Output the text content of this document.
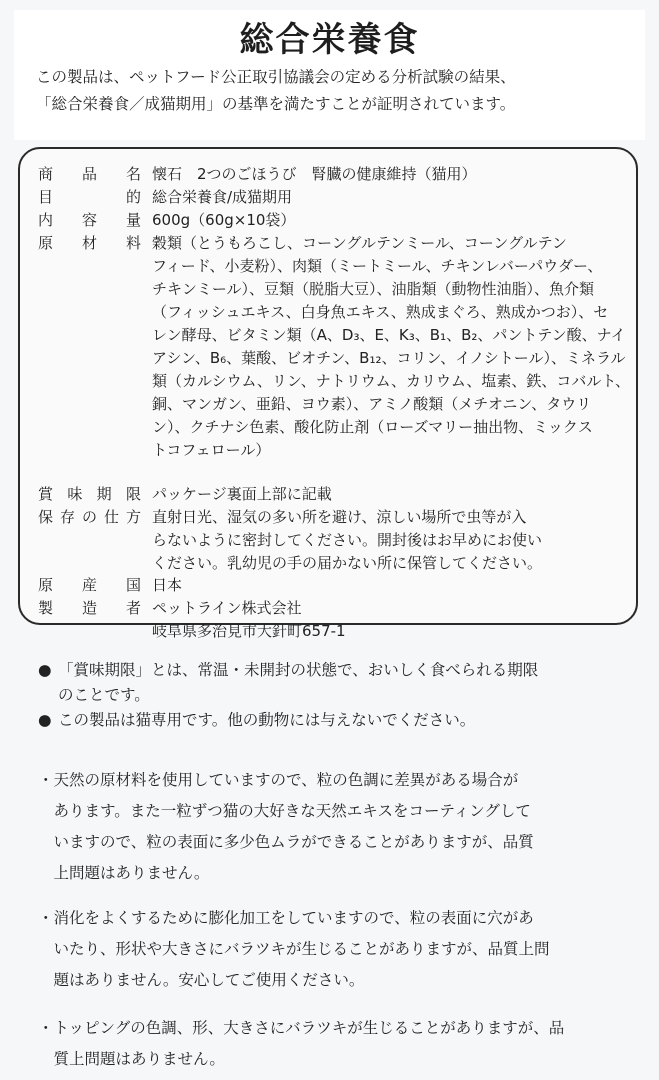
総合栄養食
この製品は、ペットフード公正取引協議会の定める分析試験の結果、
「総合栄養食／成猫期用」の基準を満たすことが証明されています。
商 品 名 懐石　2つのごほうび　腎臓の健康維持（猫用）
目	的 総合栄養食/成猫期用
内 容 量 600g（60g×10袋）
原 材 料 穀類（とうもろこし、コーングルテンミール、コーングルテン
フィード、小麦粉）、肉類（ミートミール、チキンレバーパウダー、
チキンミール）、豆類（脱脂大豆）、油脂類（動物性油脂）、魚介類
（フィッシュエキス、白身魚エキス、熟成まぐろ、熟成かつお）、セ
レン酵母、ビタミン類（A、D₃、E、K₃、B₁、B₂、パントテン酸、ナイ
アシン、B₆、葉酸、ビオチン、B₁₂、コリン、イノシトール）、ミネラル
類（カルシウム、リン、ナトリウム、カリウム、塩素、鉄、コバルト、
銅、マンガン、亜鉛、ヨウ素）、アミノ酸類（メチオニン、タウリ
ン）、クチナシ色素、酸化防止剤（ローズマリー抽出物、ミックス
トコフェロール）
賞 味 期 限 パッケージ裏面上部に記載
保 存 の 仕 方 直射日光、湿気の多い所を避け、涼しい場所で虫等が入
らないように密封してください。開封後はお早めにお使い
ください。乳幼児の手の届かない所に保管してください。
原 産 国 日本
製 造 者 ペットライン株式会社
岐阜県多治見市大針町657-1
● 「賞味期限」とは、常温・未開封の状態で、おいしく食べられる期限
のことです。
● この製品は猫専用です。他の動物には与えないでください。
・天然の原材料を使用していますので、粒の色調に差異がある場合が
　あります。また一粒ずつ猫の大好きな天然エキスをコーティングして
　いますので、粒の表面に多少色ムラができることがありますが、品質
　上問題はありません。
・消化をよくするために膨化加工をしていますので、粒の表面に穴があ
　いたり、形状や大きさにバラツキが生じることがありますが、品質上問
　題はありません。安心してご使用ください。
・トッピングの色調、形、大きさにバラツキが生じることがありますが、品
　質上問題はありません。
